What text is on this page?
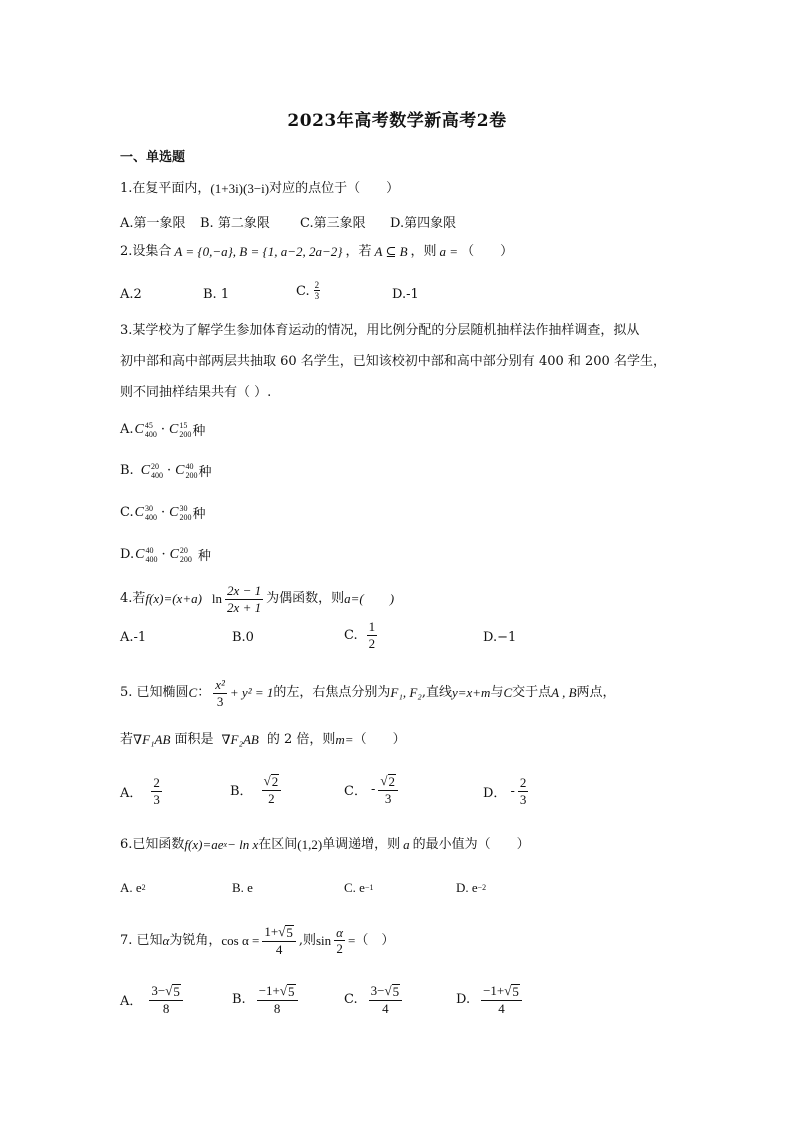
2023年高考数学新高考2卷
一、单选题
1.在复平面内， (1+3i)(3−i) 对应的点位于（　　）
A.第一象限 B. 第二象限 C.第三象限 D.第四象限
2.设集合 A = {0,−a}, B = {1, a−2, 2a−2} ，若 A ⊆ B ，则 a = （　　）
A.2	B. 1	C. $\frac{2}{3}$	D.-1
3.某学校为了解学生参加体育运动的情况，用比例分配的分层随机抽样法作抽样调查，拟从
初中部和高中部两层共抽取 60 名学生，已知该校初中部和高中部分别有 400 和 200 名学生，
则不同抽样结果共有（ ）.
A. C 45
400 · C 15
200 种
B. C 20
400 · C 40
200 种
C. C 30
400 · C 30
200 种
D. C 40
400 · C 20
200 种
4.若 f(x)=(x+a) $\ln \frac{2x - 1}{2x + 1}$ 为偶函数，则 a=(　　)
A.-1	B.0	C. $\frac{1}{2}$	D.−1
5. 已知椭圆 C ： $\frac{\text{x²}}{3} + y^2 = 1$ 的左，右焦点分别为 F₁, F₂ ,直线 y=x+m 与 C 交于点 A , B 两点，
若 ∇F₁AB 面积是 ∇F₂AB 的 2 倍，则 m= （　　）
A． $\frac{2}{3}$	B． $\frac{√ 2}{2}$	C． - $\frac{√ 2}{3}$	D． - $\frac{2}{3}$
6.已知函数 f(x)=ae x − ln x 在区间 (1,2) 单调递增，则 a 的最小值为（　　）
A. e 2	B. e	C. e −1	D. e −2
7. 已知 α 为锐角， $\cos \alpha = \frac{1+ √ 5}{4}$ ,则 $\sin \frac{\alpha}{2}$ = （　）
A． $\frac{3- √ 5}{8}$	B. $\frac{-1+ √ 5}{8}$	C. $\frac{3- √ 5}{4}$	D. $\frac{-1+ √ 5}{4}$
